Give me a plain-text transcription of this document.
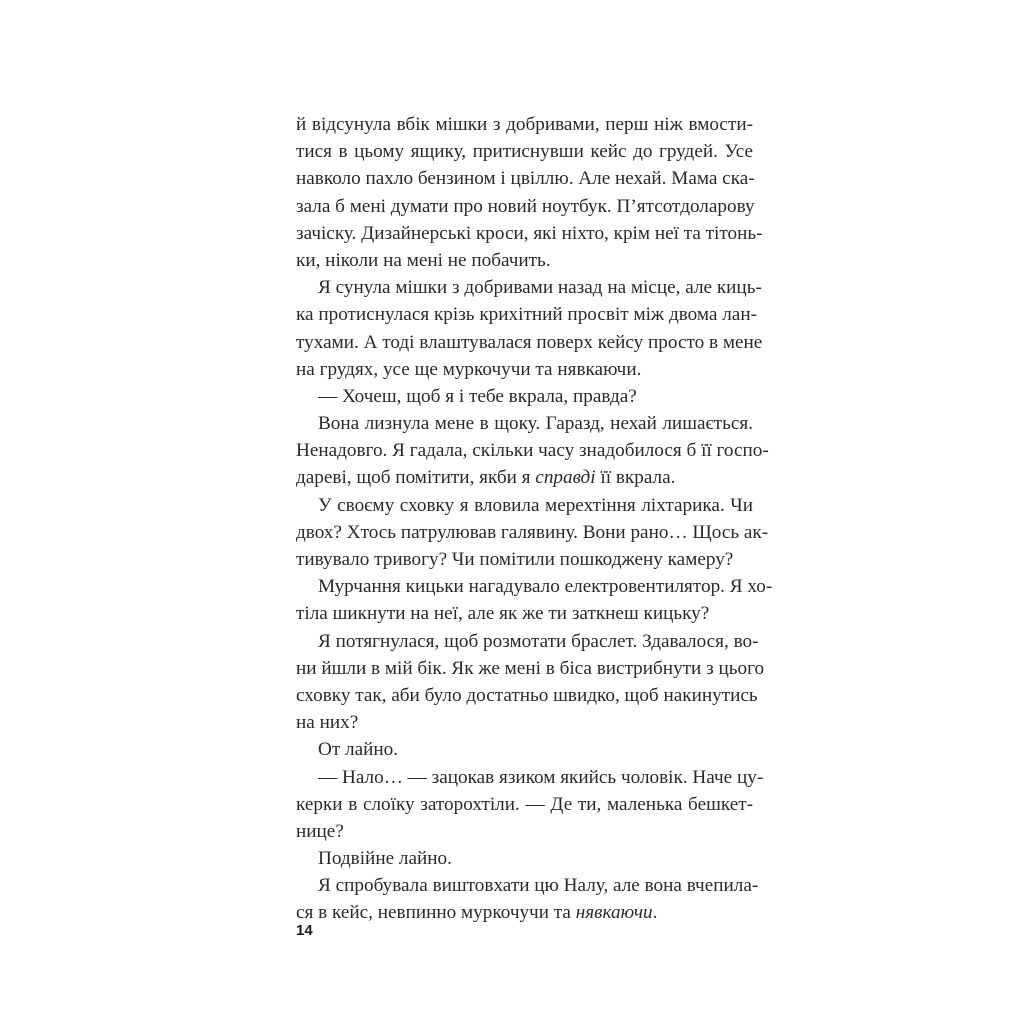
й відсунула вбік мішки з добривами, перш ніж вмости-
тися в цьому ящику, притиснувши кейс до грудей. Усе
навколо пахло бензином і цвіллю. Але нехай. Мама ска-
зала б мені думати про новий ноутбук. П’ятсотдоларову
зачіску. Дизайнерські кроси, які ніхто, крім неї та тітонь-
ки, ніколи на мені не побачить.
Я сунула мішки з добривами назад на місце, але киць-
ка протиснулася крізь крихітний просвіт між двома лан-
тухами. А тоді влаштувалася поверх кейсу просто в мене
на грудях, усе ще муркочучи та нявкаючи.
— Хочеш, щоб я і тебе вкрала, правда?
Вона лизнула мене в щоку. Гаразд, нехай лишається.
Ненадовго. Я гадала, скільки часу знадобилося б її госпо-
дареві, щоб помітити, якби я справді її вкрала.
У своєму сховку я вловила мерехтіння ліхтарика. Чи
двох? Хтось патрулював галявину. Вони рано… Щось ак-
тивувало тривогу? Чи помітили пошкоджену камеру?
Мурчання кицьки нагадувало електровентилятор. Я хо-
тіла шикнути на неї, але як же ти заткнеш кицьку?
Я потягнулася, щоб розмотати браслет. Здавалося, во-
ни йшли в мій бік. Як же мені в біса вистрибнути з цього
сховку так, аби було достатньо швидко, щоб накинутись
на них?
От лайно.
— Нало… — зацокав язиком якийсь чоловік. Наче цу-
керки в слоїку заторохтіли. — Де ти, маленька бешкет-
нице?
Подвійне лайно.
Я спробувала виштовхати цю Налу, але вона вчепила-
ся в кейс, невпинно муркочучи та нявкаючи.
14
